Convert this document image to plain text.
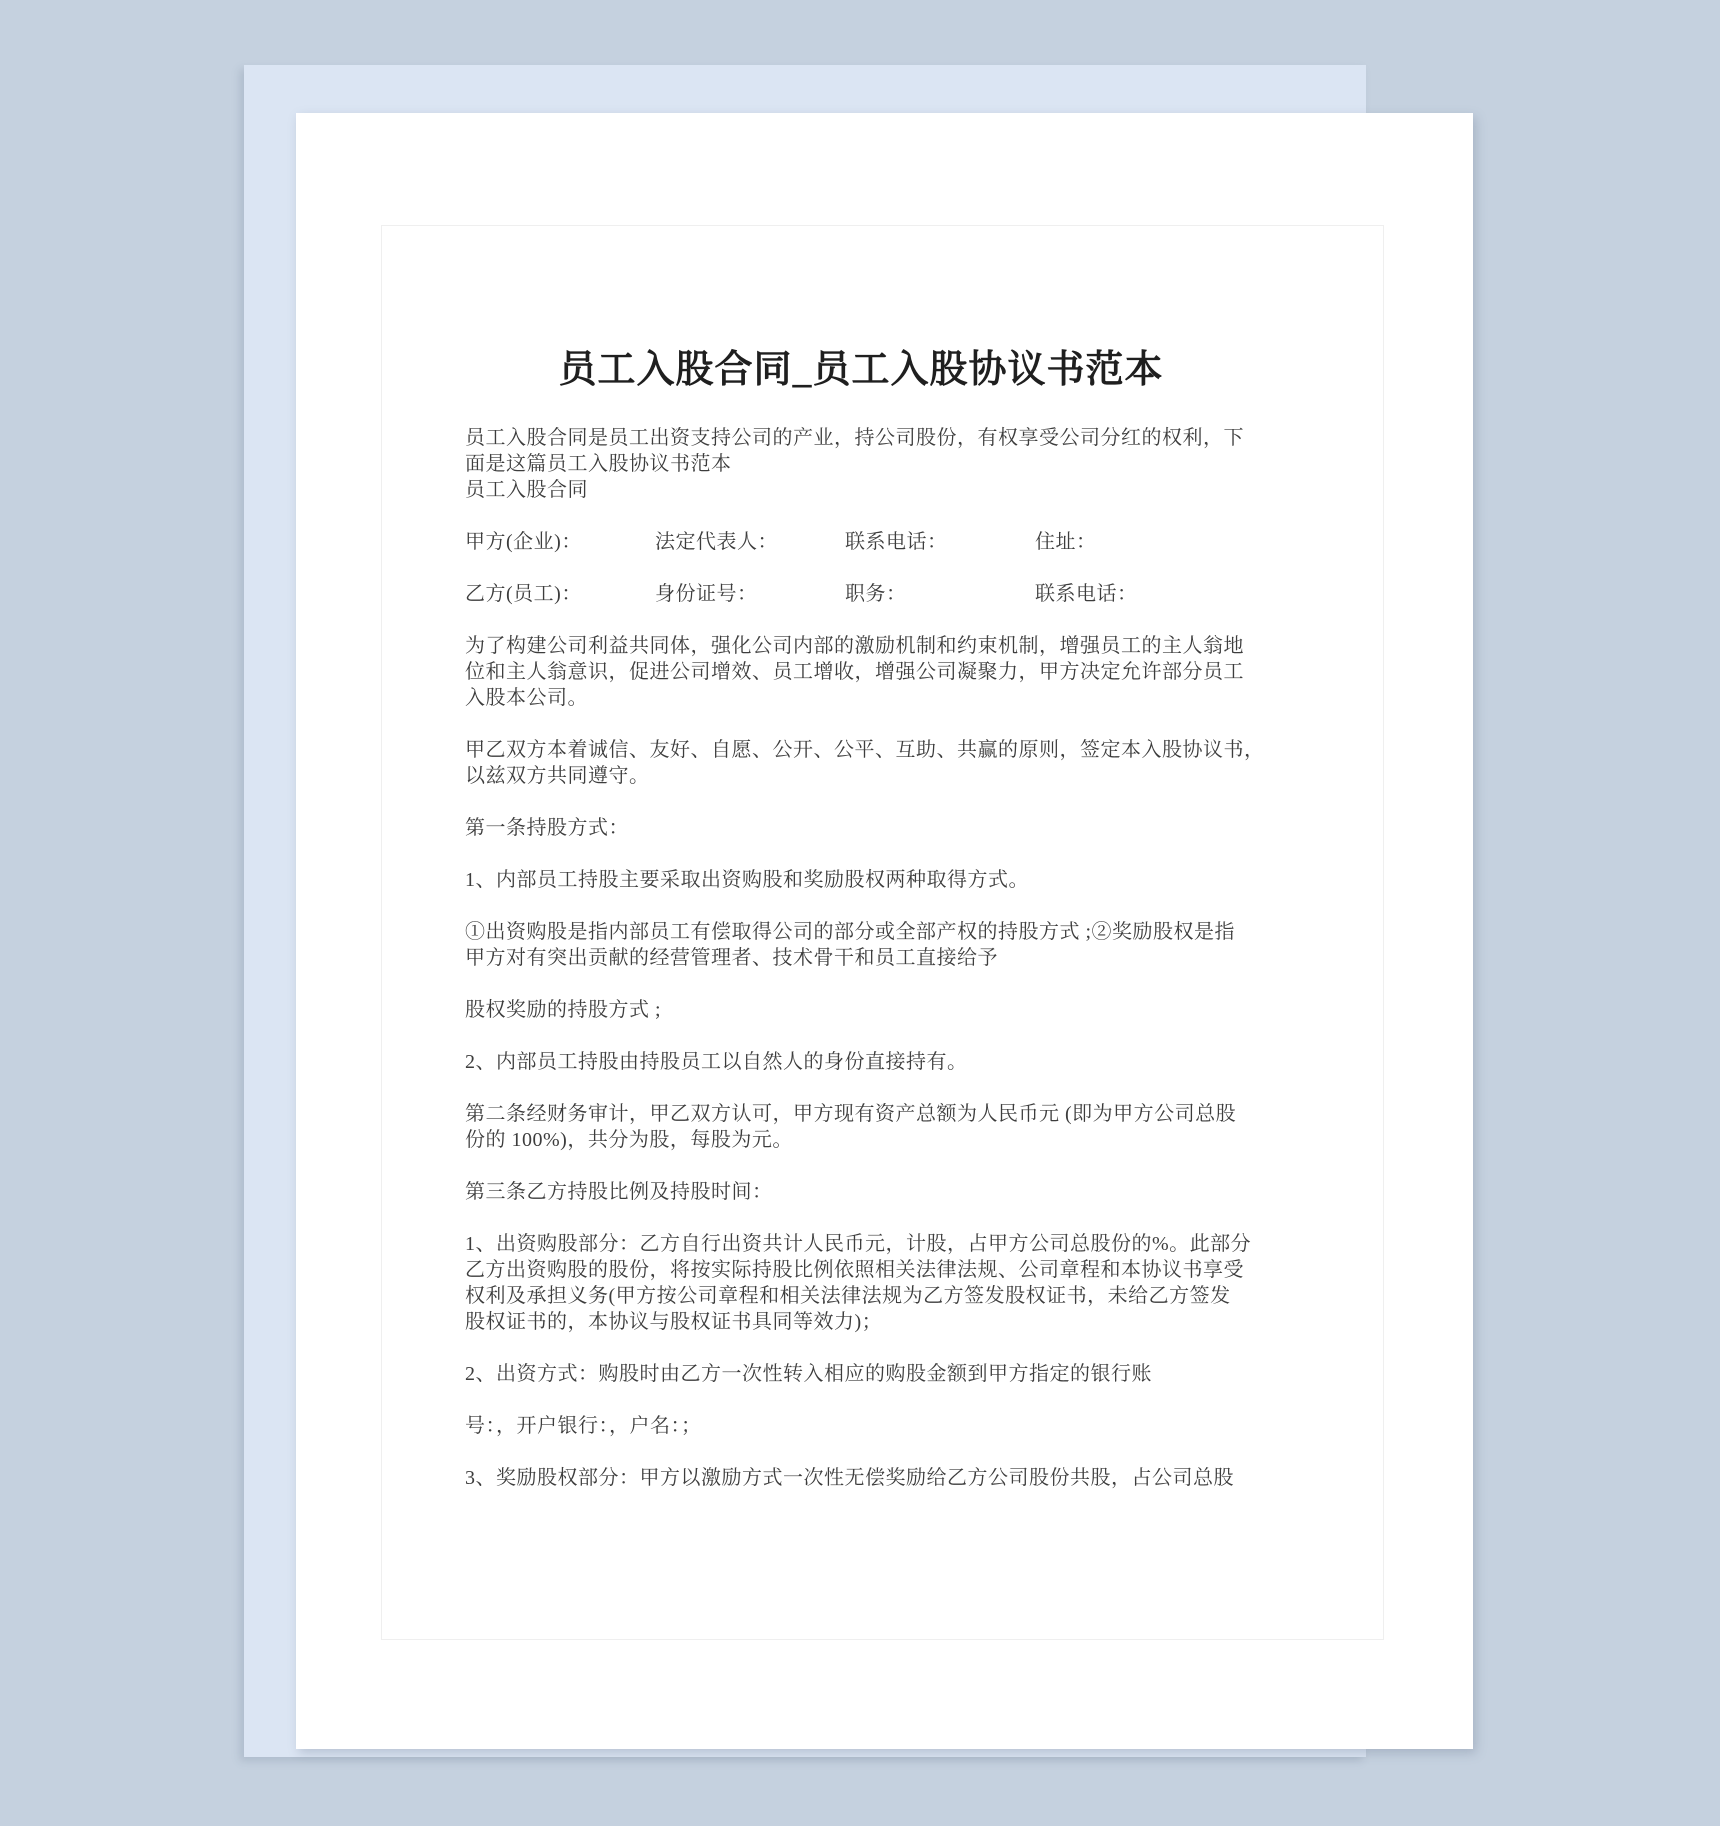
员工入股合同_员工入股协议书范本
员工入股合同是员工出资支持公司的产业，持公司股份，有权享受公司分红的权利，下
面是这篇员工入股协议书范本
员工入股合同
甲方(企业)：	法定代表人：	联系电话：	住址：
乙方(员工)：	身份证号：	职务：	联系电话：
为了构建公司利益共同体，强化公司内部的激励机制和约束机制，增强员工的主人翁地
位和主人翁意识，促进公司增效、员工增收，增强公司凝聚力，甲方决定允许部分员工
入股本公司。
甲乙双方本着诚信、友好、自愿、公开、公平、互助、共赢的原则，签定本入股协议书，
以兹双方共同遵守。
第一条持股方式：
1、内部员工持股主要采取出资购股和奖励股权两种取得方式。
①出资购股是指内部员工有偿取得公司的部分或全部产权的持股方式 ;②奖励股权是指
甲方对有突出贡献的经营管理者、技术骨干和员工直接给予
股权奖励的持股方式 ;
2、内部员工持股由持股员工以自然人的身份直接持有。
第二条经财务审计，甲乙双方认可，甲方现有资产总额为人民币元 (即为甲方公司总股
份的 100%)，共分为股，每股为元。
第三条乙方持股比例及持股时间：
1、出资购股部分：乙方自行出资共计人民币元，计股，占甲方公司总股份的%。此部分
乙方出资购股的股份，将按实际持股比例依照相关法律法规、公司章程和本协议书享受
权利及承担义务(甲方按公司章程和相关法律法规为乙方签发股权证书，未给乙方签发
股权证书的，本协议与股权证书具同等效力)；
2、出资方式：购股时由乙方一次性转入相应的购股金额到甲方指定的银行账
号：，开户银行：，户名：；
3、奖励股权部分：甲方以激励方式一次性无偿奖励给乙方公司股份共股，占公司总股
